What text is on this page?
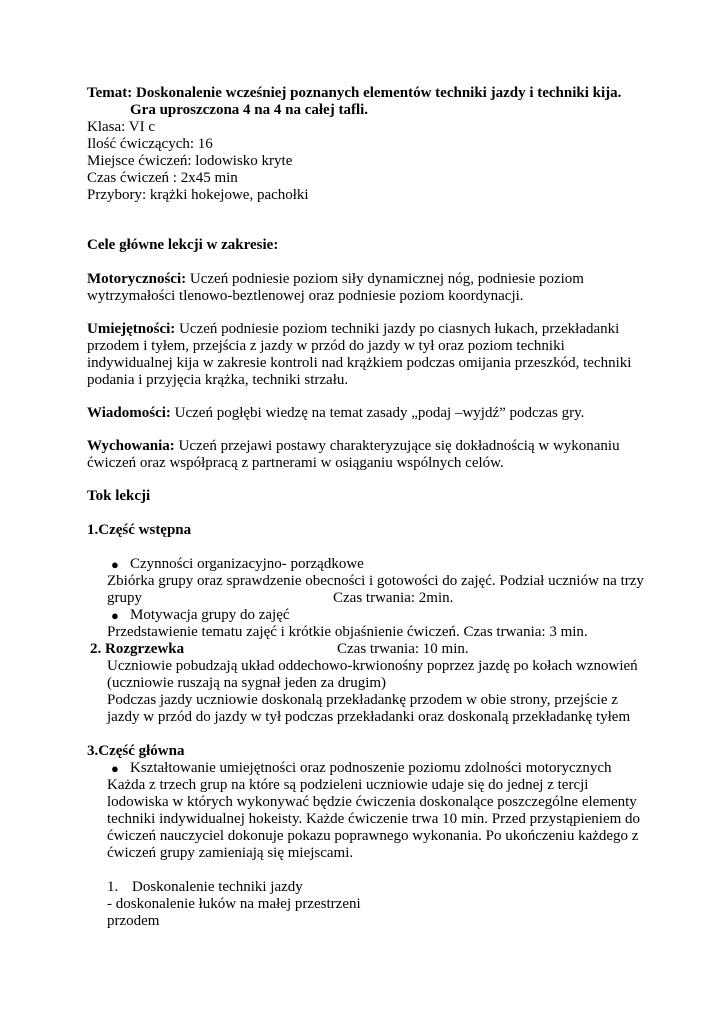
Temat: Doskonalenie wcześniej poznanych elementów techniki jazdy i techniki kija.
Gra uproszczona 4 na 4 na całej tafli.
Klasa: VI c
Ilość ćwiczących: 16
Miejsce ćwiczeń: lodowisko kryte
Czas ćwiczeń : 2x45 min
Przybory: krążki hokejowe, pachołki
Cele główne lekcji w zakresie:
Motoryczności: Uczeń podniesie poziom siły dynamicznej nóg, podniesie poziom
wytrzymałości tlenowo-beztlenowej oraz podniesie poziom koordynacji.
Umiejętności: Uczeń podniesie poziom techniki jazdy po ciasnych łukach, przekładanki
przodem i tyłem, przejścia z jazdy w przód do jazdy w tył oraz poziom techniki
indywidualnej kija w zakresie kontroli nad krążkiem podczas omijania przeszkód, techniki
podania i przyjęcia krążka, techniki strzału.
Wiadomości: Uczeń pogłębi wiedzę na temat zasady „podaj –wyjdź” podczas gry.
Wychowania: Uczeń przejawi postawy charakteryzujące się dokładnością w wykonaniu
ćwiczeń oraz współpracą z partnerami w osiąganiu wspólnych celów.
Tok lekcji
1.Część wstępna
● Czynności organizacyjno- porządkowe
Zbiórka grupy oraz sprawdzenie obecności i gotowości do zajęć. Podział uczniów na trzy
grupy	Czas trwania: 2min.
● Motywacja grupy do zajęć
Przedstawienie tematu zajęć i krótkie objaśnienie ćwiczeń. Czas trwania: 3 min.
2. Rozgrzewka	Czas trwania: 10 min.
Uczniowie pobudzają układ oddechowo-krwionośny poprzez jazdę po kołach wznowień
(uczniowie ruszają na sygnał jeden za drugim)
Podczas jazdy uczniowie doskonalą przekładankę przodem w obie strony, przejście z
jazdy w przód do jazdy w tył podczas przekładanki oraz doskonalą przekładankę tyłem
3.Część główna
● Kształtowanie umiejętności oraz podnoszenie poziomu zdolności motorycznych
Każda z trzech grup na które są podzieleni uczniowie udaje się do jednej z tercji
lodowiska w których wykonywać będzie ćwiczenia doskonalące poszczególne elementy
techniki indywidualnej hokeisty. Każde ćwiczenie trwa 10 min. Przed przystąpieniem do
ćwiczeń nauczyciel dokonuje pokazu poprawnego wykonania. Po ukończeniu każdego z
ćwiczeń grupy zamieniają się miejscami.
1. Doskonalenie techniki jazdy
- doskonalenie łuków na małej przestrzeni
przodem
